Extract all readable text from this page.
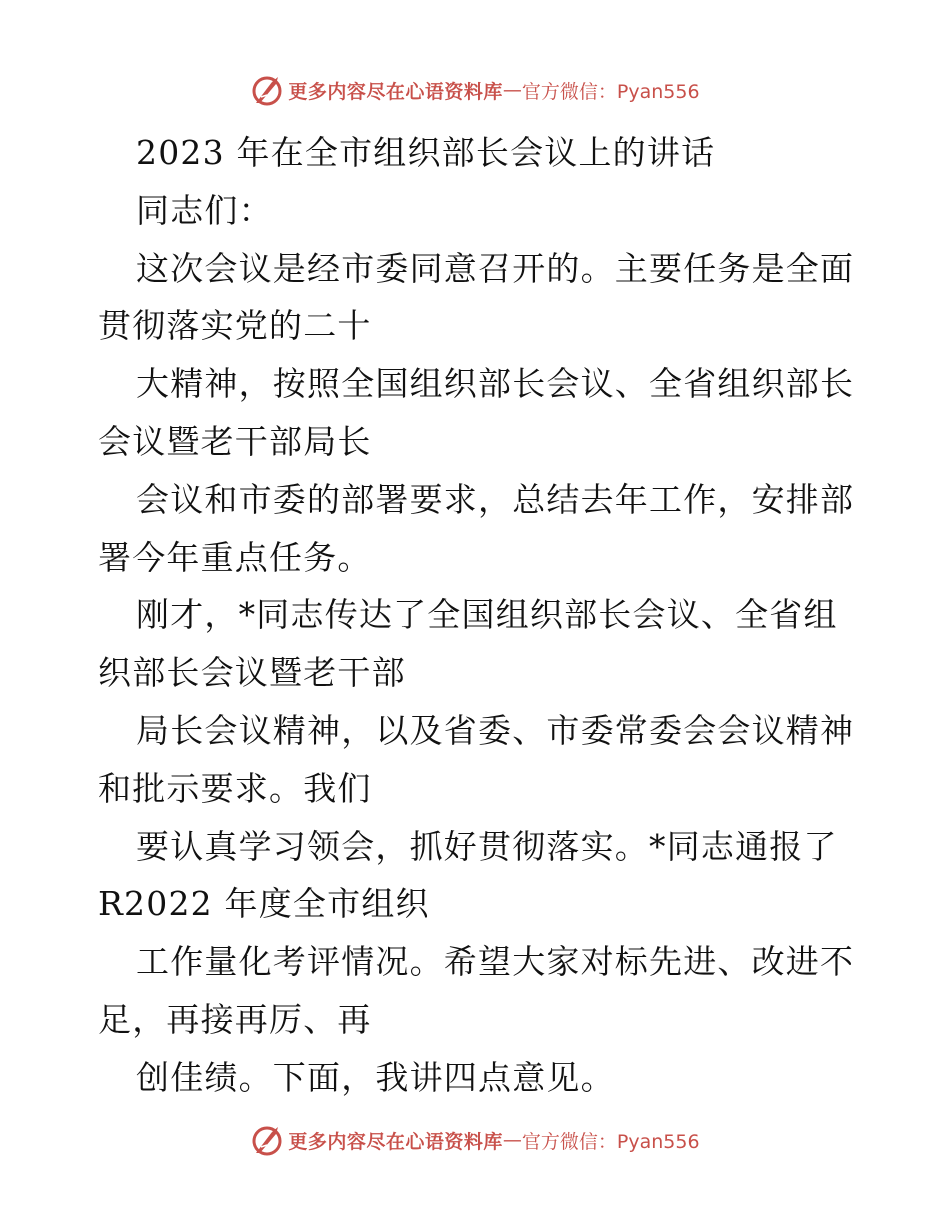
更多内容尽在心语资料库 — 官方微信：Pyan556
2023 年在全市组织部长会议上的讲话
同志们：
这次会议是经市委同意召开的。主要任务是全面
贯彻落实党的二十
大精神，按照全国组织部长会议、全省组织部长
会议暨老干部局长
会议和市委的部署要求，总结去年工作，安排部
署今年重点任务。
刚才，*同志传达了全国组织部长会议、全省组
织部长会议暨老干部
局长会议精神，以及省委、市委常委会会议精神
和批示要求。我们
要认真学习领会，抓好贯彻落实。*同志通报了
R2022 年度全市组织
工作量化考评情况。希望大家对标先进、改进不
足，再接再厉、再
创佳绩。下面，我讲四点意见。
更多内容尽在心语资料库 — 官方微信：Pyan556
